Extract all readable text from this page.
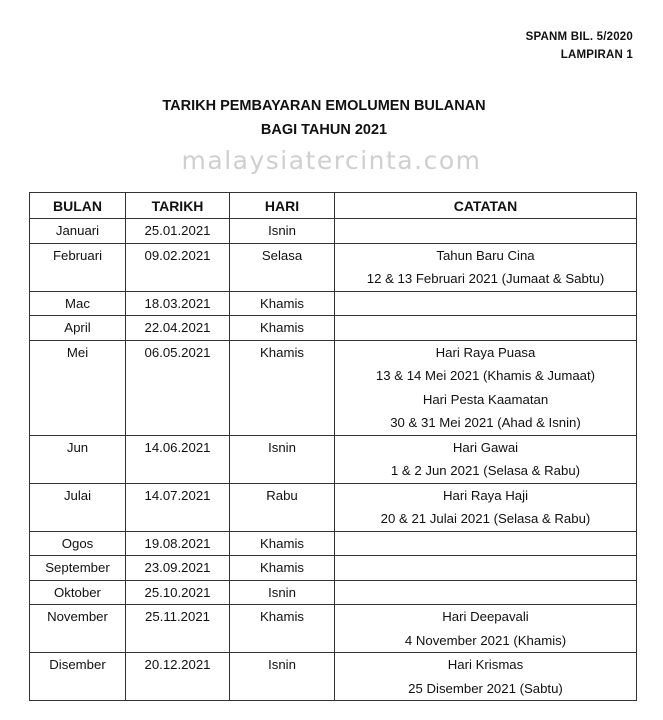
SPANM BIL. 5/2020
LAMPIRAN 1
TARIKH PEMBAYARAN EMOLUMEN BULANAN
BAGI TAHUN 2021
malaysiatercinta.com
BULAN	TARIKH	HARI	CATATAN

Januari	25.01.2021	Isnin	

Februari	09.02.2021	Selasa	Tahun Baru Cina
12 & 13 Februari 2021 (Jumaat & Sabtu)

Mac	18.03.2021	Khamis	

April	22.04.2021	Khamis	

Mei	06.05.2021	Khamis	Hari Raya Puasa
13 & 14 Mei 2021 (Khamis & Jumaat)
Hari Pesta Kaamatan
30 & 31 Mei 2021 (Ahad & Isnin)

Jun	14.06.2021	Isnin	Hari Gawai
1 & 2 Jun 2021 (Selasa & Rabu)

Julai	14.07.2021	Rabu	Hari Raya Haji
20 & 21 Julai 2021 (Selasa & Rabu)

Ogos	19.08.2021	Khamis	

September	23.09.2021	Khamis	

Oktober	25.10.2021	Isnin	

November	25.11.2021	Khamis	Hari Deepavali
4 November 2021 (Khamis)

Disember	20.12.2021	Isnin	Hari Krismas
25 Disember 2021 (Sabtu)
